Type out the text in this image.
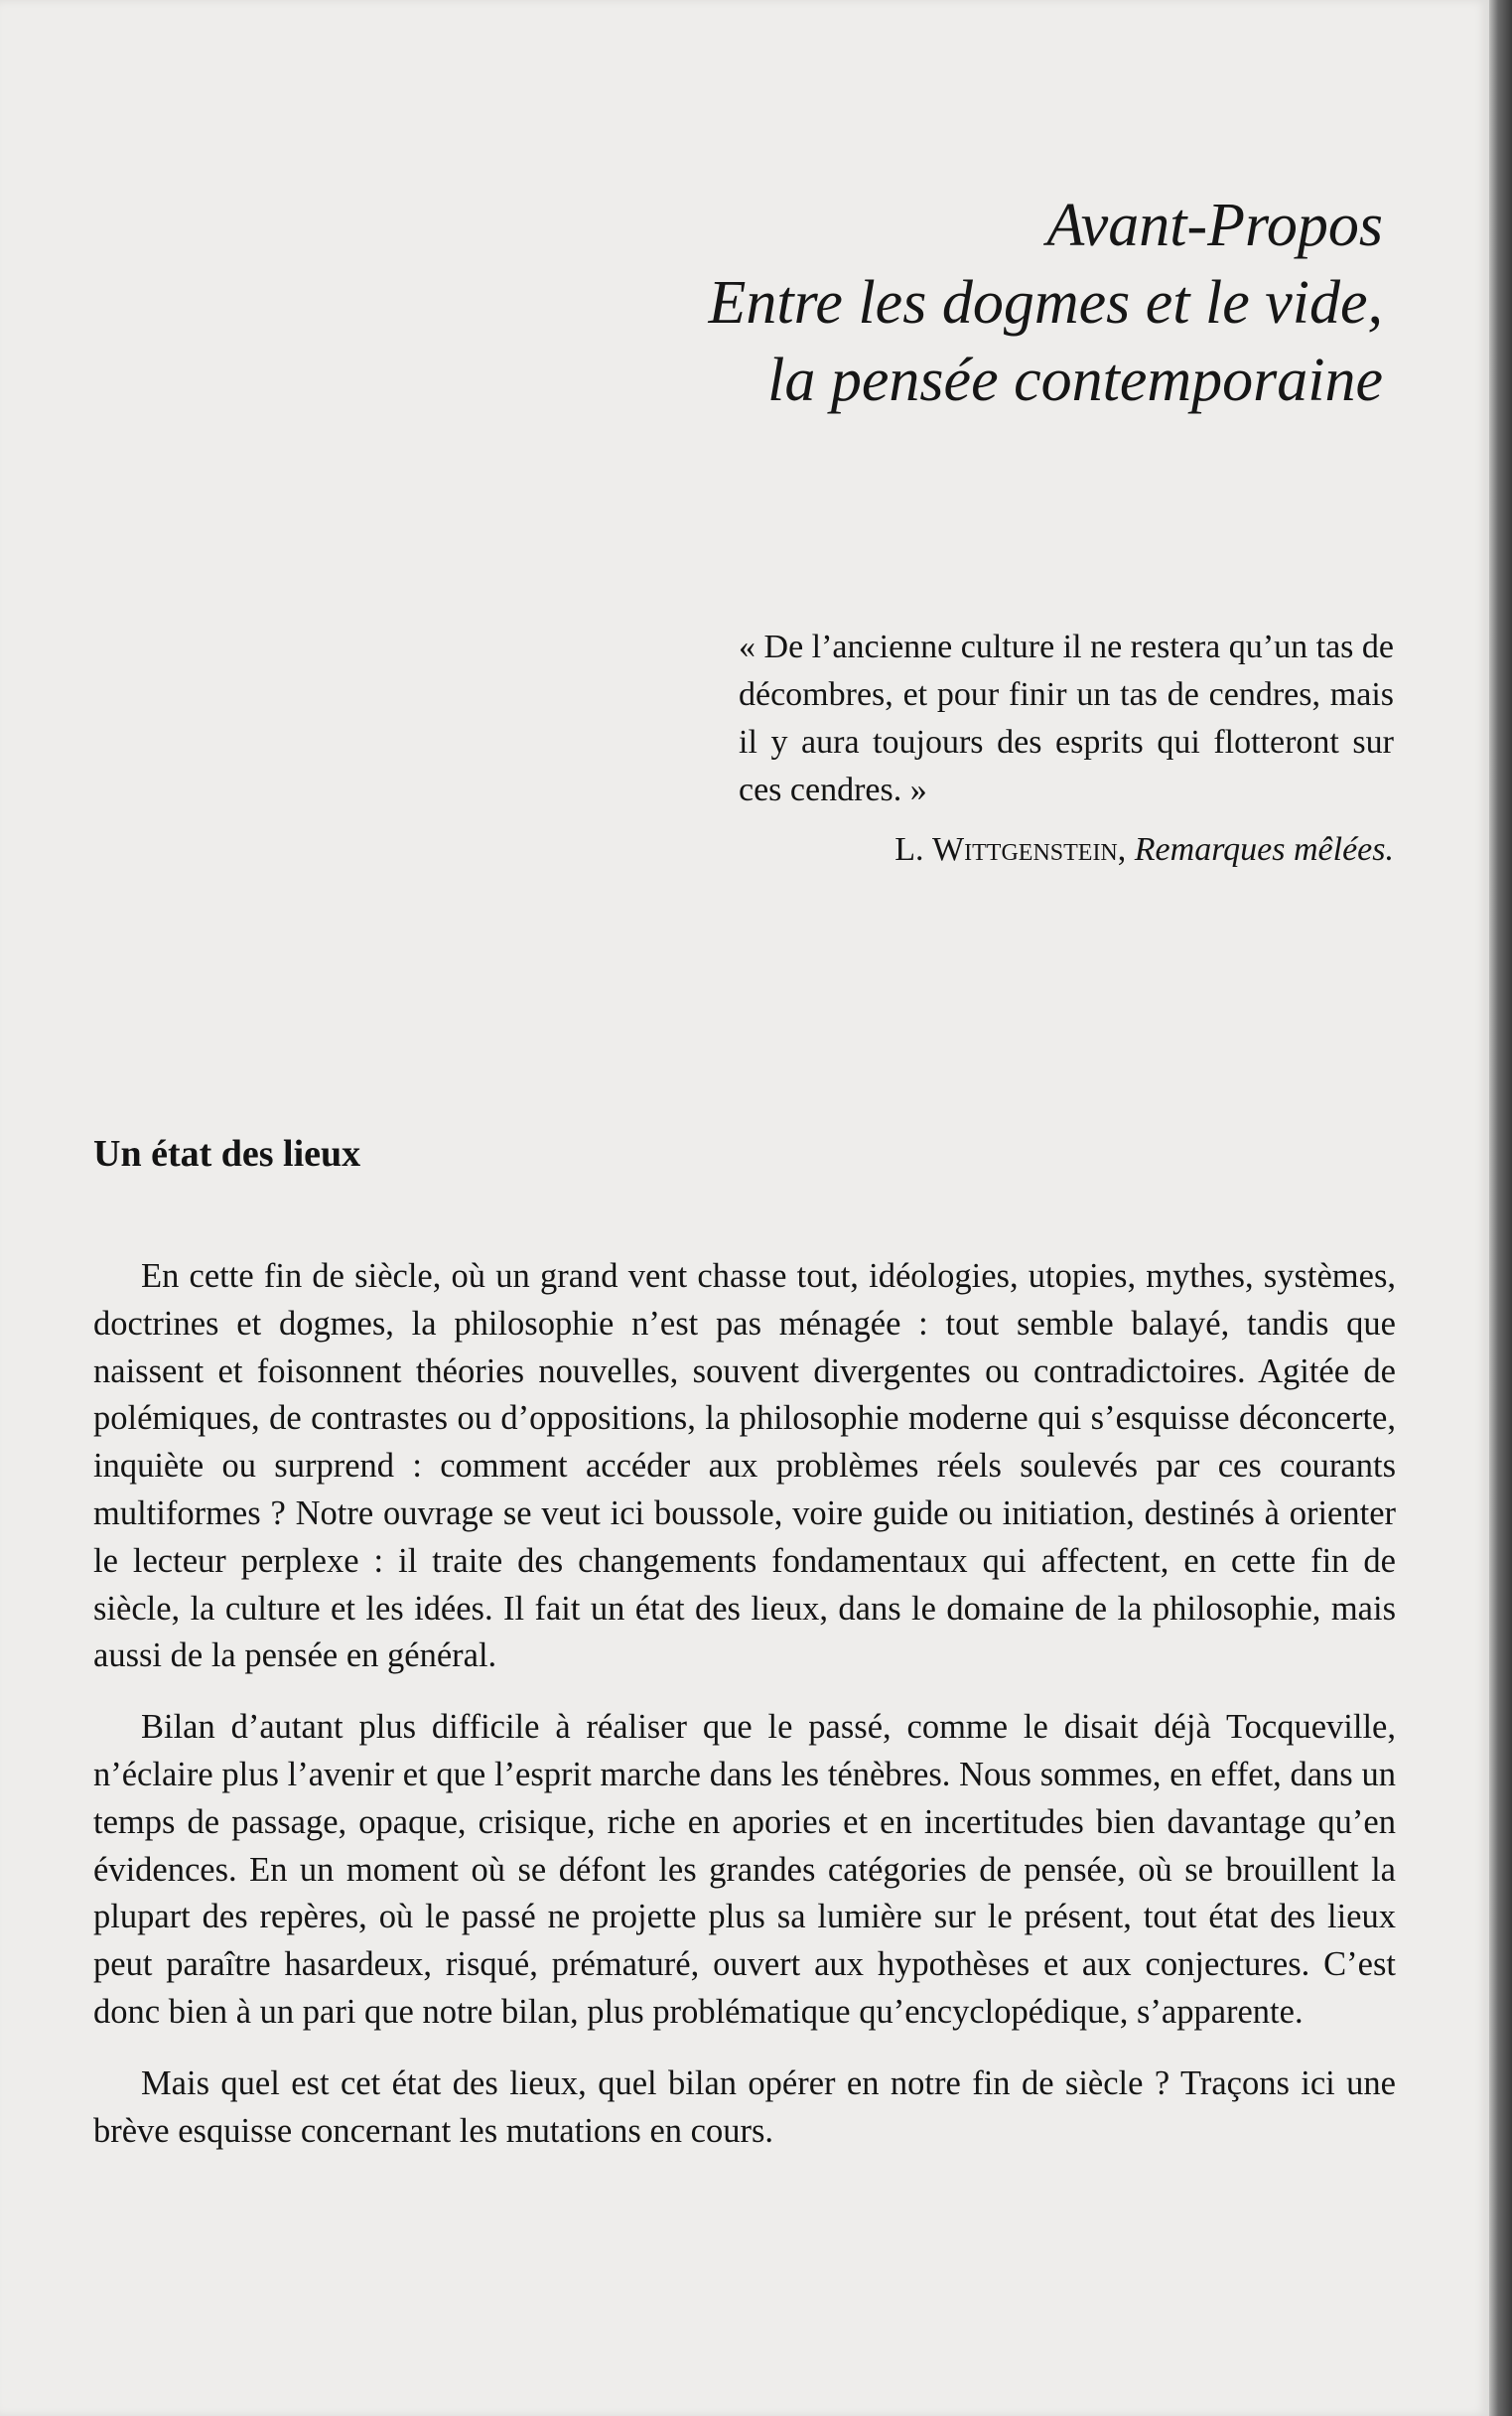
Avant-Propos
Entre les dogmes et le vide,
la pensée contemporaine

« De l’ancienne culture il ne restera qu’un tas de décombres, et pour finir un tas de cendres, mais il y aura toujours des esprits qui flotteront sur ces cendres. »

L. Wittgenstein, Remarques mêlées.
Un état des lieux

En cette fin de siècle, où un grand vent chasse tout, idéologies, utopies, mythes, systèmes, doctrines et dogmes, la philosophie n’est pas ménagée : tout semble balayé, tandis que naissent et foisonnent théories nouvelles, souvent divergentes ou contradictoires. Agitée de polémiques, de contrastes ou d’oppositions, la philosophie moderne qui s’esquisse déconcerte, inquiète ou surprend : comment accéder aux problèmes réels soulevés par ces courants multiformes ? Notre ouvrage se veut ici boussole, voire guide ou initiation, destinés à orienter le lecteur perplexe : il traite des changements fondamentaux qui affectent, en cette fin de siècle, la culture et les idées. Il fait un état des lieux, dans le domaine de la philosophie, mais aussi de la pensée en général.

Bilan d’autant plus difficile à réaliser que le passé, comme le disait déjà Tocqueville, n’éclaire plus l’avenir et que l’esprit marche dans les ténèbres. Nous sommes, en effet, dans un temps de passage, opaque, crisique, riche en apories et en incertitudes bien davantage qu’en évidences. En un moment où se défont les grandes catégories de pensée, où se brouillent la plupart des repères, où le passé ne projette plus sa lumière sur le présent, tout état des lieux peut paraître hasardeux, risqué, prématuré, ouvert aux hypothèses et aux conjectures. C’est donc bien à un pari que notre bilan, plus problématique qu’encyclopédique, s’apparente.

Mais quel est cet état des lieux, quel bilan opérer en notre fin de siècle ? Traçons ici une brève esquisse concernant les mutations en cours.
